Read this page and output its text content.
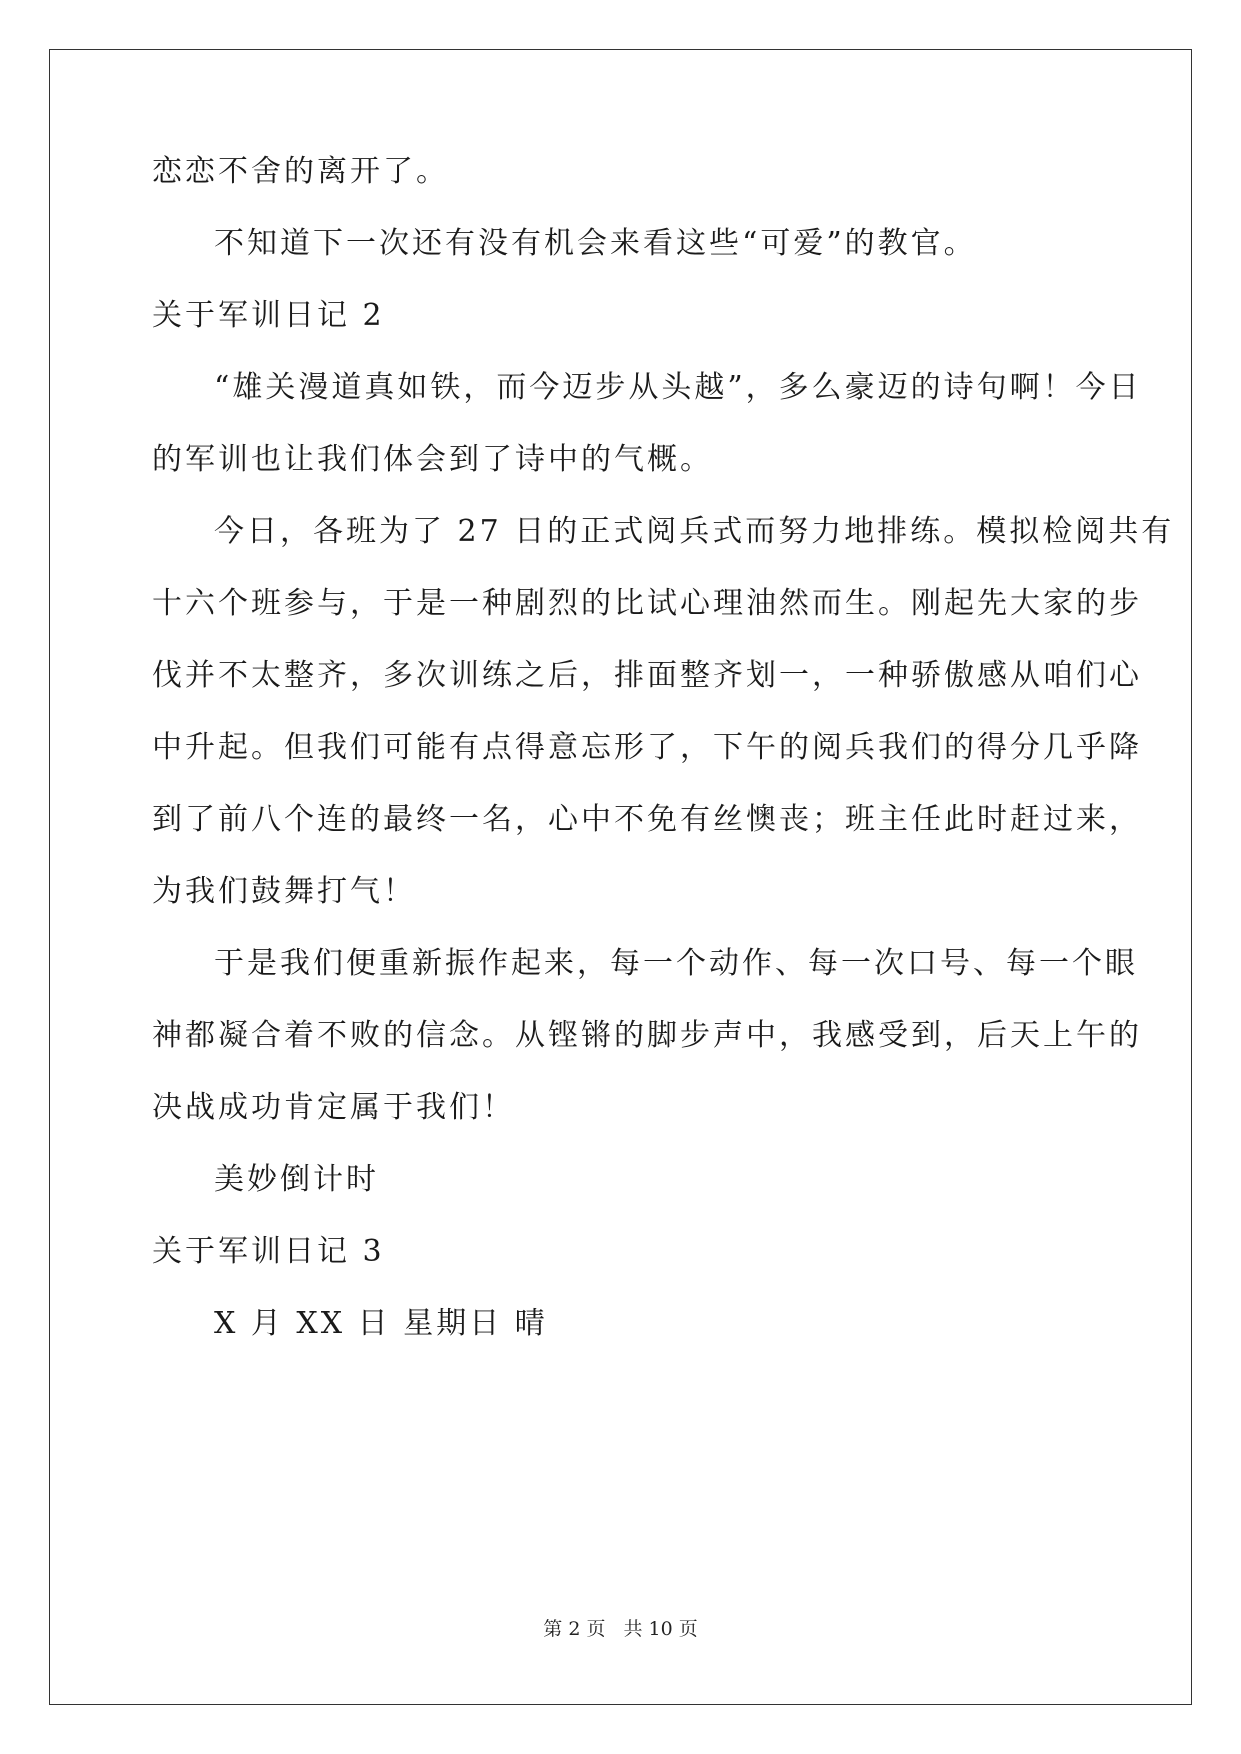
恋恋不舍的离开了。
不知道下一次还有没有机会来看这些“可爱”的教官。
关于军训日记 2
“雄关漫道真如铁，而今迈步从头越”，多么豪迈的诗句啊！今日
的军训也让我们体会到了诗中的气概。
今日，各班为了 27 日的正式阅兵式而努力地排练。模拟检阅共有
十六个班参与，于是一种剧烈的比试心理油然而生。刚起先大家的步
伐并不太整齐，多次训练之后，排面整齐划一，一种骄傲感从咱们心
中升起。但我们可能有点得意忘形了，下午的阅兵我们的得分几乎降
到了前八个连的最终一名，心中不免有丝懊丧；班主任此时赶过来，
为我们鼓舞打气！
于是我们便重新振作起来，每一个动作、每一次口号、每一个眼
神都凝合着不败的信念。从铿锵的脚步声中，我感受到，后天上午的
决战成功肯定属于我们！
美妙倒计时
关于军训日记 3
X 月 XX 日 星期日 晴
第 2 页 共 10 页
